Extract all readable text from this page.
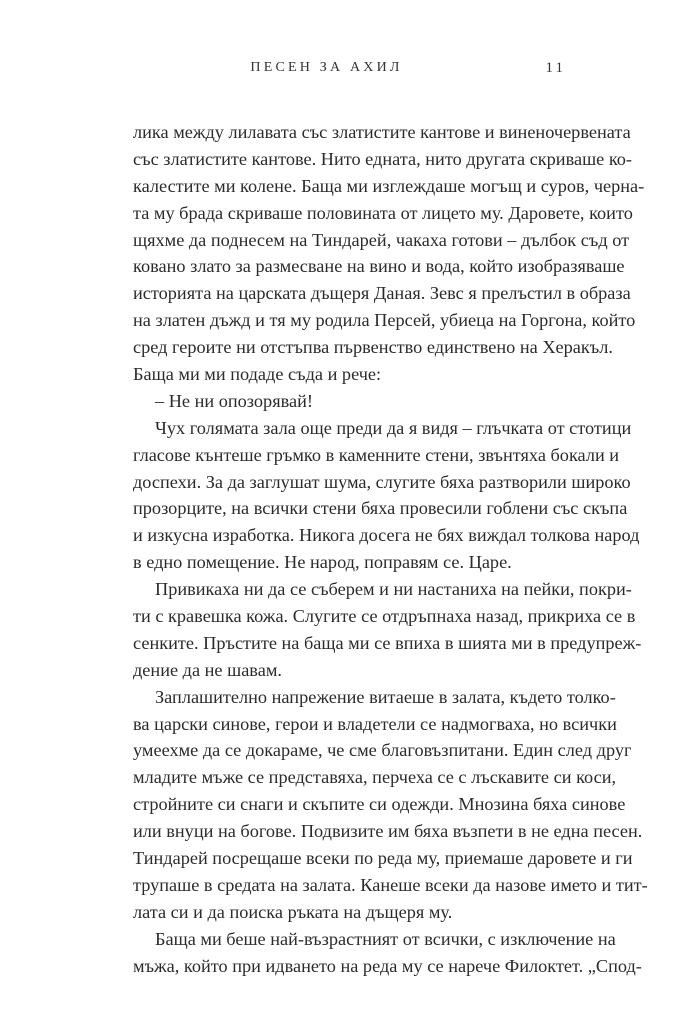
ПЕСЕН ЗА АХИЛ	11
лика между лилавата със златистите кантове и виненочервената
със златистите кантове. Нито едната, нито другата скриваше ко-
калестите ми колене. Баща ми изглеждаше могъщ и суров, черна-
та му брада скриваше половината от лицето му. Даровете, които
щяхме да поднесем на Тиндарей, чакаха готови – дълбок съд от
ковано злато за размесване на вино и вода, който изобразяваше
историята на царската дъщеря Даная. Зевс я прелъстил в образа
на златен дъжд и тя му родила Персей, убиеца на Горгона, който
сред героите ни отстъпва първенство единствено на Херакъл.
Баща ми ми подаде съда и рече:
– Не ни опозорявай!
Чух голямата зала още преди да я видя – глъчката от стотици
гласове кънтеше гръмко в каменните стени, звънтяха бокали и
доспехи. За да заглушат шума, слугите бяха разтворили широко
прозорците, на всички стени бяха провесили гоблени със скъпа
и изкусна изработка. Никога досега не бях виждал толкова народ
в едно помещение. Не народ, поправям се. Царе.
Привикаха ни да се съберем и ни настаниха на пейки, покри-
ти с кравешка кожа. Слугите се отдръпнаха назад, прикриха се в
сенките. Пръстите на баща ми се впиха в шията ми в предупреж-
дение да не шавам.
Заплашително напрежение витаеше в залата, където толко-
ва царски синове, герои и владетели се надмогваха, но всички
умеехме да се докараме, че сме благовъзпитани. Един след друг
младите мъже се представяха, перчеха се с лъскавите си коси,
стройните си снаги и скъпите си одежди. Мнозина бяха синове
или внуци на богове. Подвизите им бяха възпети в не една песен.
Тиндарей посрещаше всеки по реда му, приемаше даровете и ги
трупаше в средата на залата. Канеше всеки да назове името и тит-
лата си и да поиска ръката на дъщеря му.
Баща ми беше най-възрастният от всички, с изключение на
мъжа, който при идването на реда му се нарече Филоктет. „Спод-
